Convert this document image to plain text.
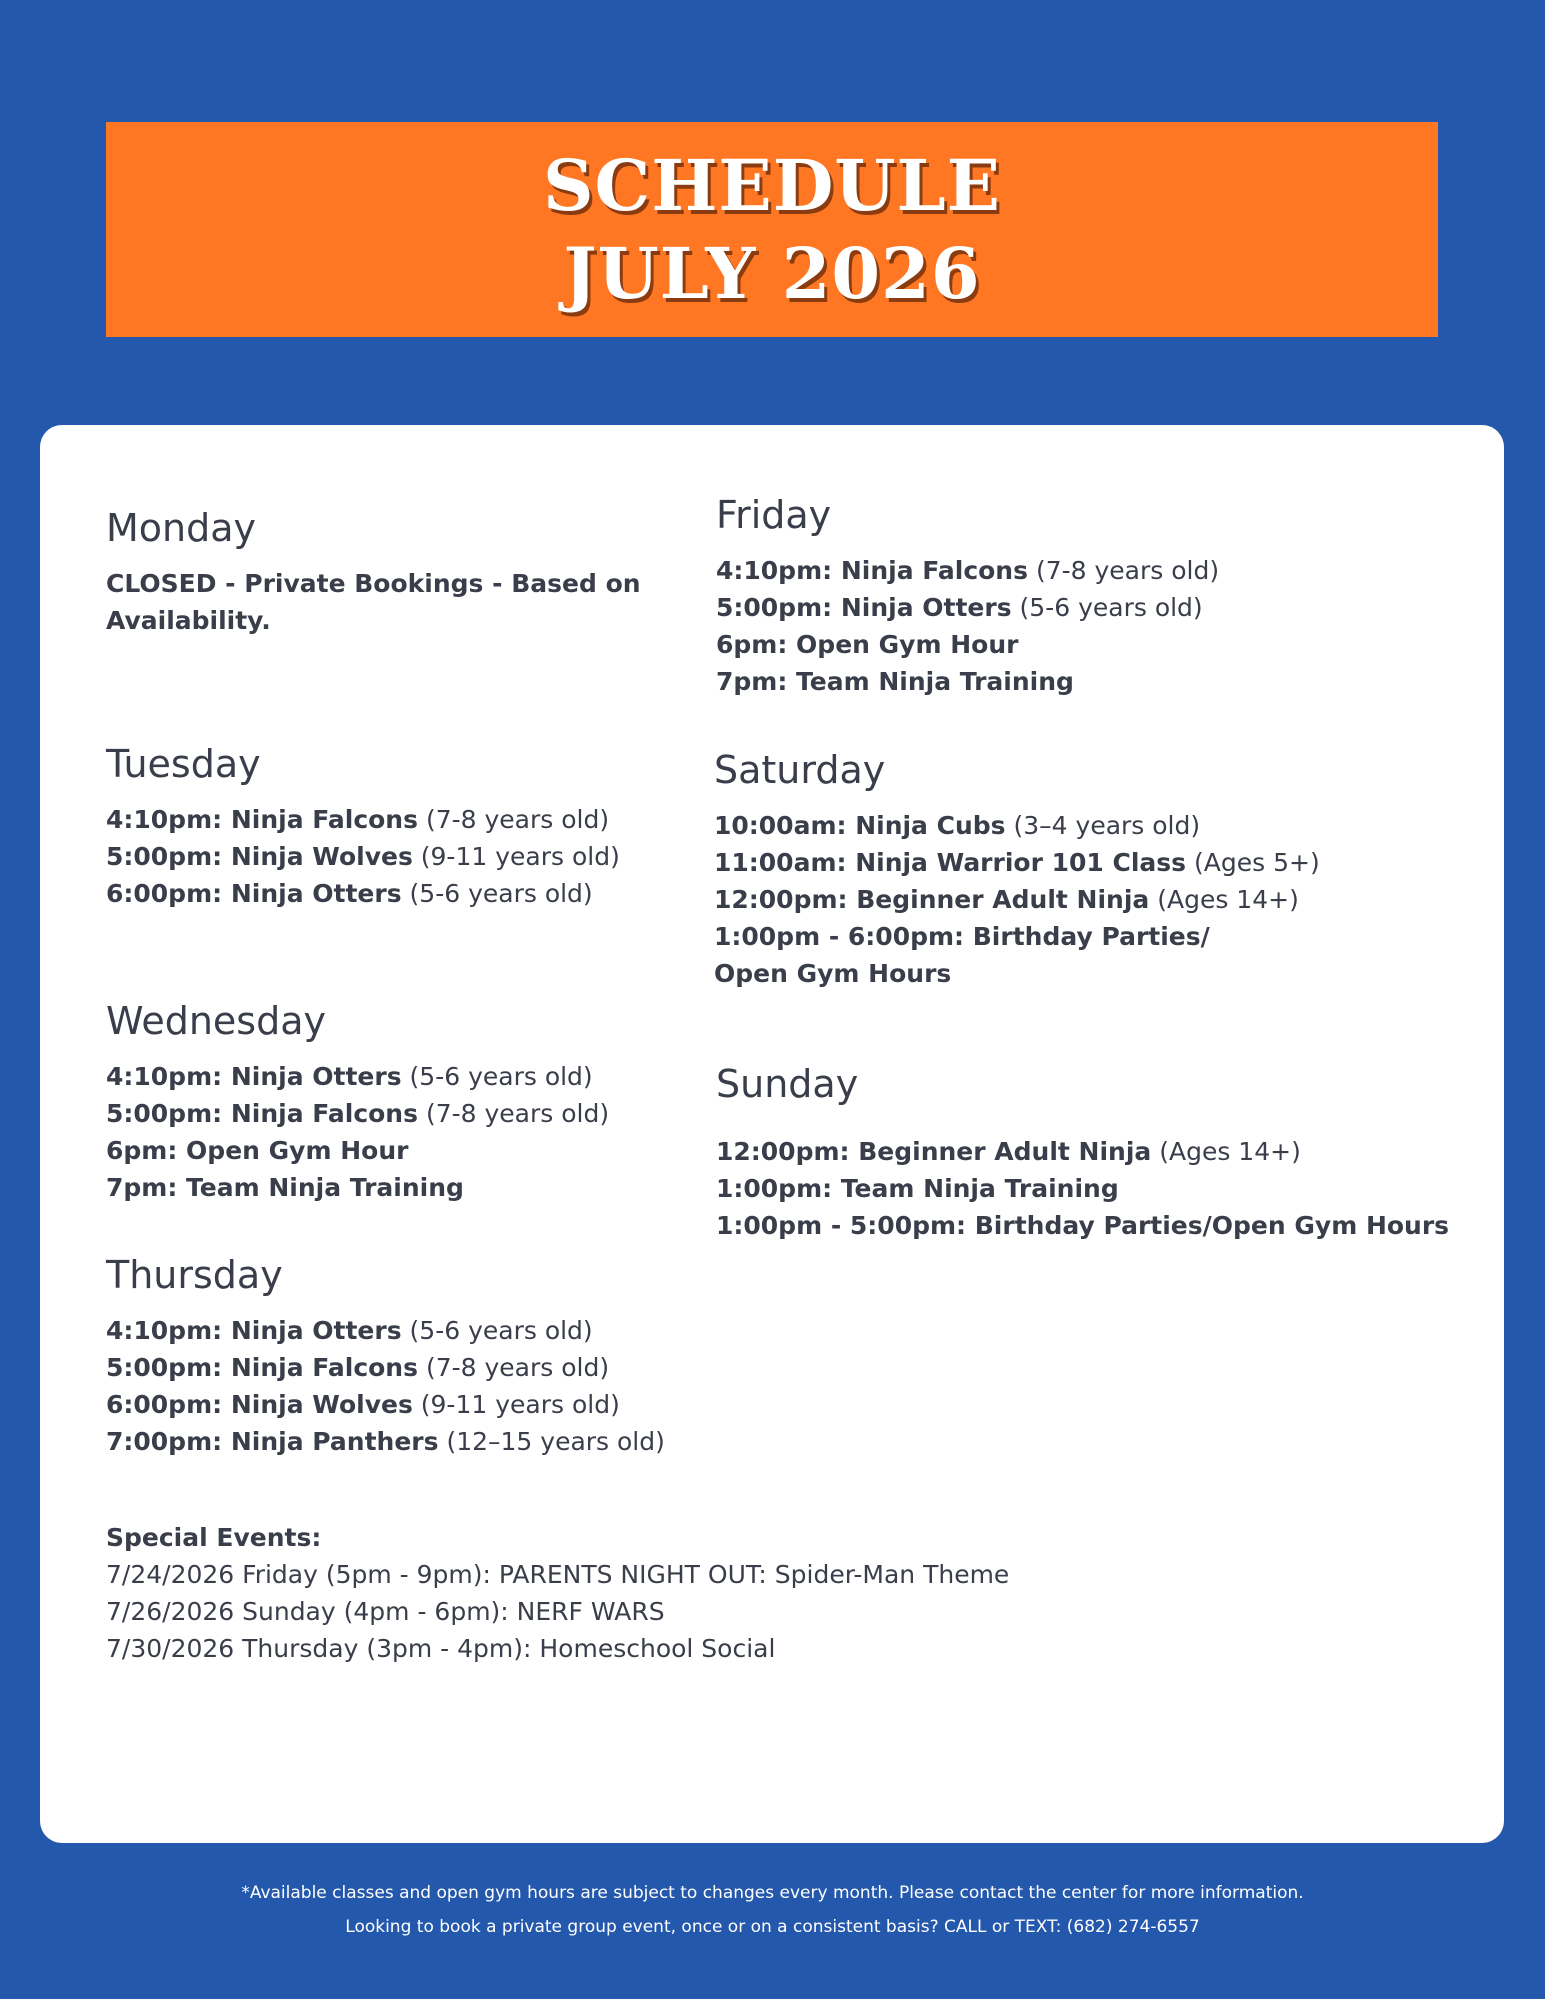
SCHEDULE
JULY 2026
Monday
CLOSED - Private Bookings - Based on Availability.
Tuesday
4:10pm: Ninja Falcons (7-8 years old)
5:00pm: Ninja Wolves (9-11 years old)
6:00pm: Ninja Otters (5-6 years old)
Wednesday
4:10pm: Ninja Otters (5-6 years old)
5:00pm: Ninja Falcons (7-8 years old)
6pm: Open Gym Hour
7pm: Team Ninja Training
Thursday
4:10pm: Ninja Otters (5-6 years old)
5:00pm: Ninja Falcons (7-8 years old)
6:00pm: Ninja Wolves (9-11 years old)
7:00pm: Ninja Panthers (12–15 years old)
Friday
4:10pm: Ninja Falcons (7-8 years old)
5:00pm: Ninja Otters (5-6 years old)
6pm: Open Gym Hour
7pm: Team Ninja Training
Saturday
10:00am: Ninja Cubs (3–4 years old)
11:00am: Ninja Warrior 101 Class (Ages 5+)
12:00pm: Beginner Adult Ninja (Ages 14+)
1:00pm - 6:00pm: Birthday Parties/
Open Gym Hours
Sunday
12:00pm: Beginner Adult Ninja (Ages 14+)
1:00pm: Team Ninja Training
1:00pm - 5:00pm: Birthday Parties/Open Gym Hours
Special Events:
7/24/2026 Friday (5pm - 9pm): PARENTS NIGHT OUT: Spider-Man Theme
7/26/2026 Sunday (4pm - 6pm): NERF WARS
7/30/2026 Thursday (3pm - 4pm): Homeschool Social
*Available classes and open gym hours are subject to changes every month. Please contact the center for more information.
Looking to book a private group event, once or on a consistent basis? CALL or TEXT: (682) 274-6557
